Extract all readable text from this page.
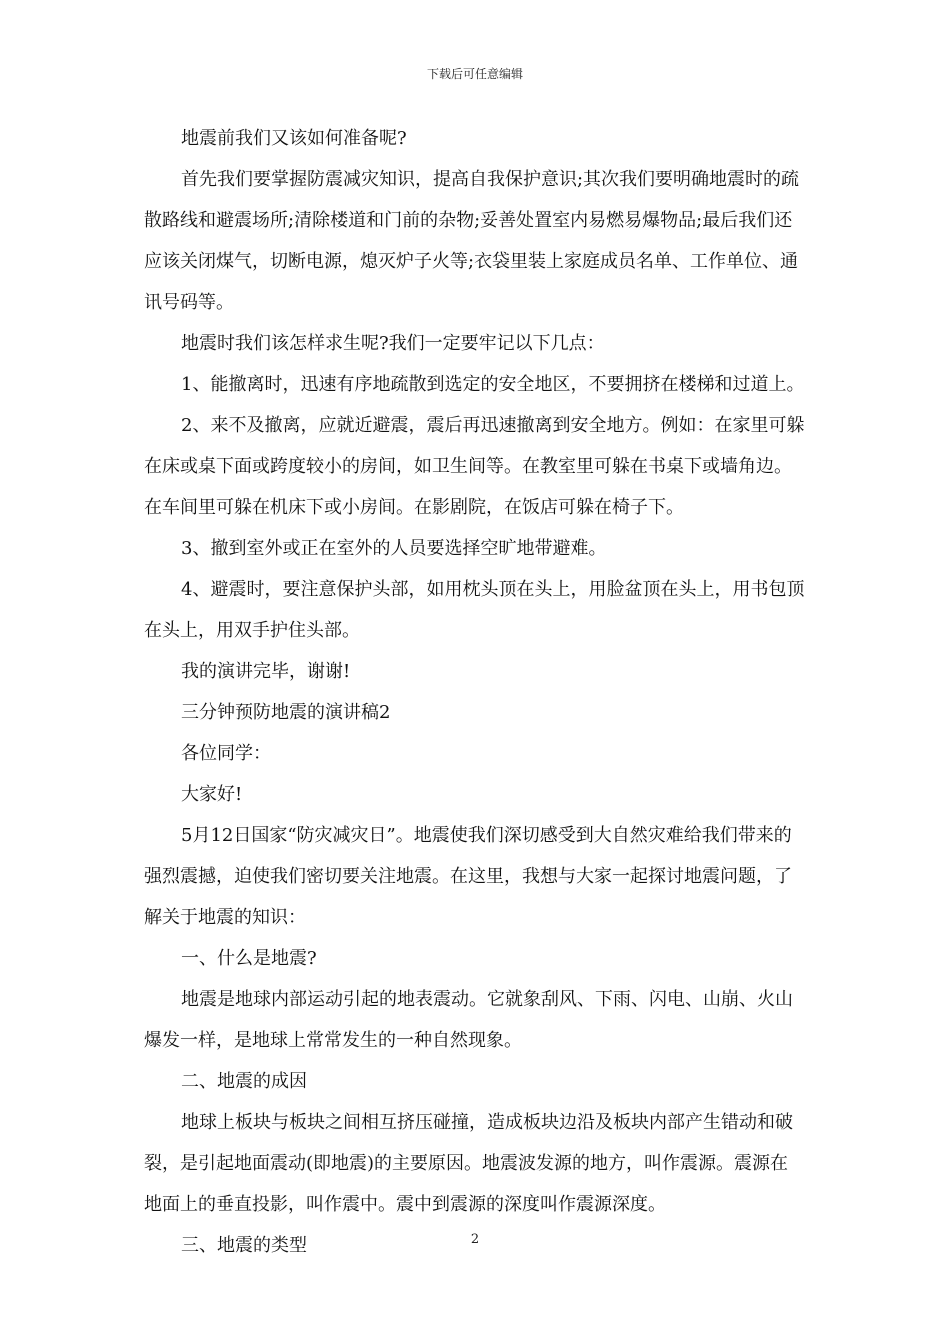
下载后可任意编辑

地震前我们又该如何准备呢?

首先我们要掌握防震减灾知识，提高自我保护意识;其次我们要明确地震时的疏散路线和避震场所;清除楼道和门前的杂物;妥善处置室内易燃易爆物品;最后我们还应该关闭煤气，切断电源，熄灭炉子火等;衣袋里装上家庭成员名单、工作单位、通讯号码等。

地震时我们该怎样求生呢?我们一定要牢记以下几点：

1、能撤离时，迅速有序地疏散到选定的安全地区，不要拥挤在楼梯和过道上。

2、来不及撤离，应就近避震，震后再迅速撤离到安全地方。例如：在家里可躲在床或桌下面或跨度较小的房间，如卫生间等。在教室里可躲在书桌下或墙角边。在车间里可躲在机床下或小房间。在影剧院，在饭店可躲在椅子下。

3、撤到室外或正在室外的人员要选择空旷地带避难。

4、避震时，要注意保护头部，如用枕头顶在头上，用脸盆顶在头上，用书包顶在头上，用双手护住头部。

我的演讲完毕，谢谢!

三分钟预防地震的演讲稿2

各位同学：

大家好!

5月12日国家“防灾减灾日”。地震使我们深切感受到大自然灾难给我们带来的强烈震撼，迫使我们密切要关注地震。在这里，我想与大家一起探讨地震问题，了解关于地震的知识：

一、什么是地震?

地震是地球内部运动引起的地表震动。它就象刮风、下雨、闪电、山崩、火山爆发一样，是地球上常常发生的一种自然现象。

二、地震的成因

地球上板块与板块之间相互挤压碰撞，造成板块边沿及板块内部产生错动和破裂，是引起地面震动(即地震)的主要原因。地震波发源的地方，叫作震源。震源在地面上的垂直投影，叫作震中。震中到震源的深度叫作震源深度。

三、地震的类型	2
